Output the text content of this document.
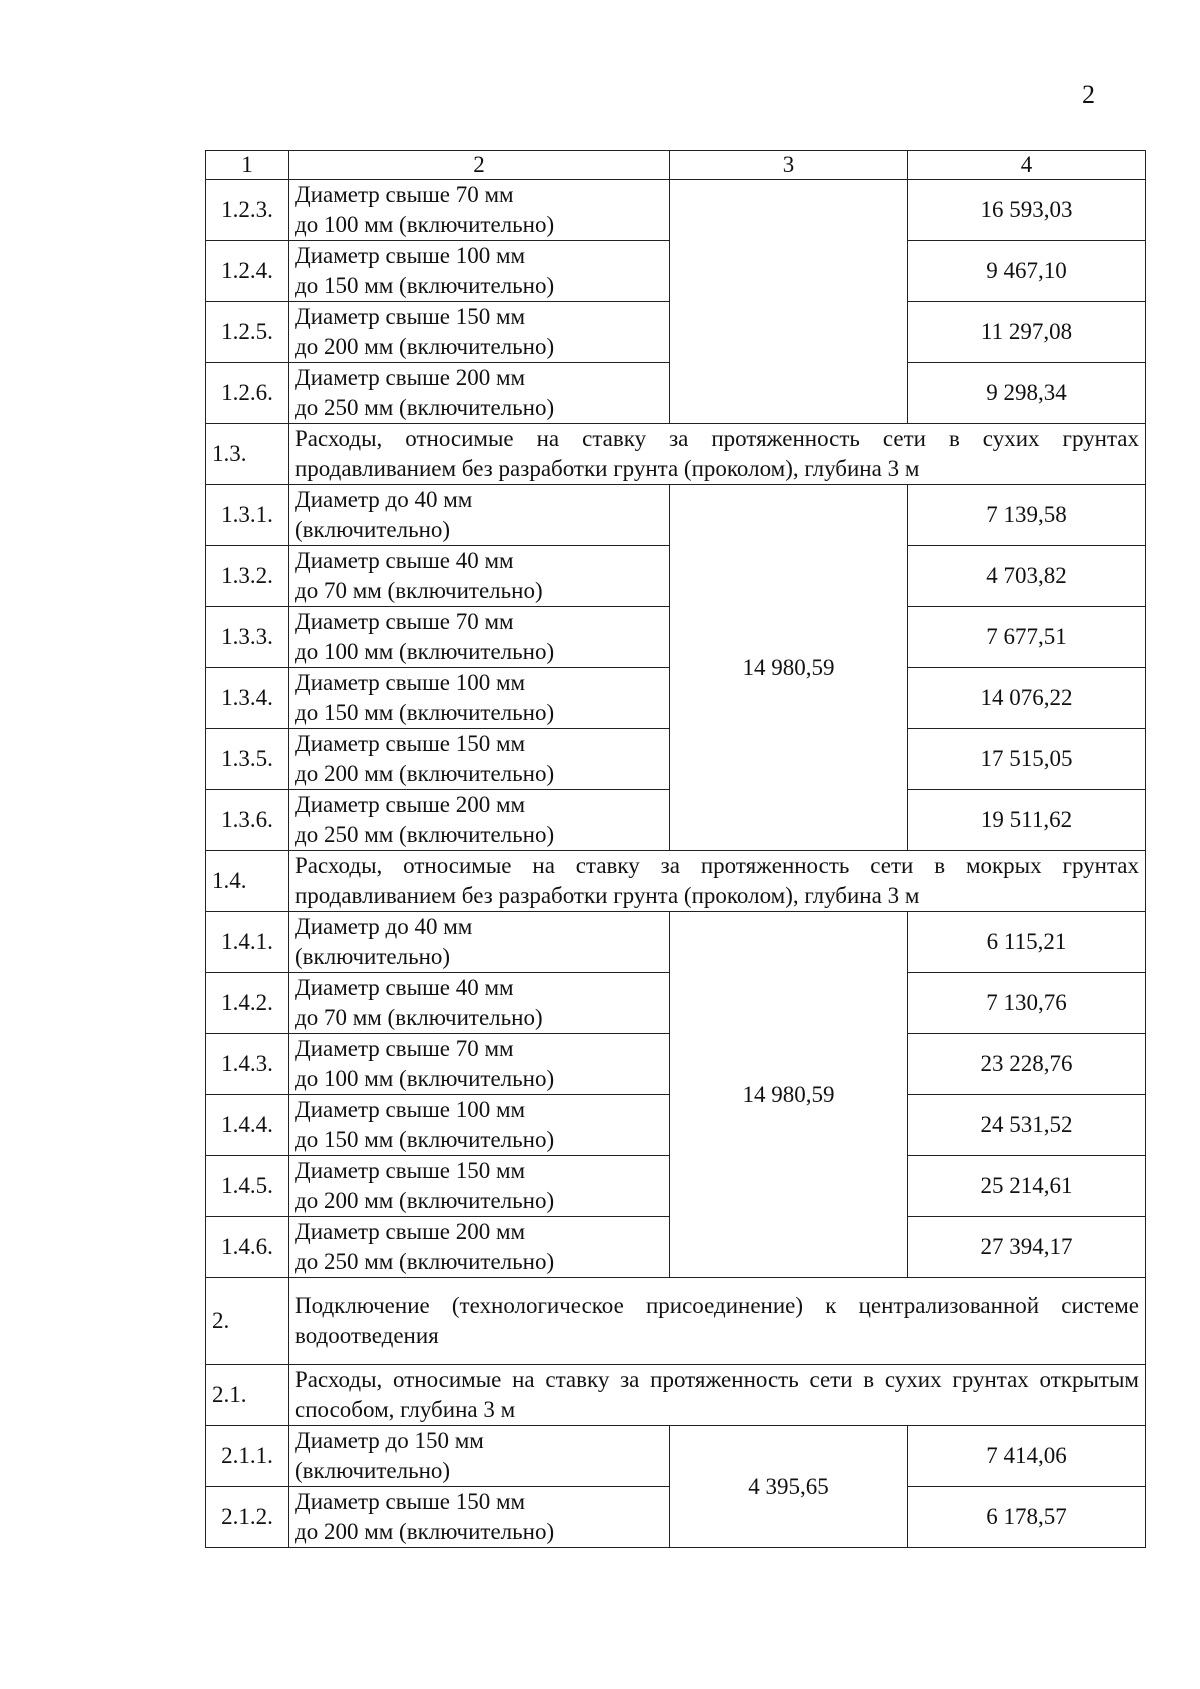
2
1	2	3	4
1.2.3.	Диаметр свыше 70 мм
до 100 мм (включительно)		16 593,03
1.2.4.	Диаметр свыше 100 мм
до 150 мм (включительно)		9 467,10
1.2.5.	Диаметр свыше 150 мм
до 200 мм (включительно)		11 297,08
1.2.6.	Диаметр свыше 200 мм
до 250 мм (включительно)		9 298,34
1.3.	Расходы, относимые на ставку за протяженность сети в сухих грунтах продавливанием без разработки грунта (проколом), глубина 3 м		
1.3.1.	Диаметр до 40 мм
(включительно)	14 980,59	7 139,58
1.3.2.	Диаметр свыше 40 мм
до 70 мм (включительно)		4 703,82
1.3.3.	Диаметр свыше 70 мм
до 100 мм (включительно)		7 677,51
1.3.4.	Диаметр свыше 100 мм
до 150 мм (включительно)		14 076,22
1.3.5.	Диаметр свыше 150 мм
до 200 мм (включительно)		17 515,05
1.3.6.	Диаметр свыше 200 мм
до 250 мм (включительно)		19 511,62
1.4.	Расходы, относимые на ставку за протяженность сети в мокрых грунтах продавливанием без разработки грунта (проколом), глубина 3 м		
1.4.1.	Диаметр до 40 мм
(включительно)	14 980,59	6 115,21
1.4.2.	Диаметр свыше 40 мм
до 70 мм (включительно)		7 130,76
1.4.3.	Диаметр свыше 70 мм
до 100 мм (включительно)		23 228,76
1.4.4.	Диаметр свыше 100 мм
до 150 мм (включительно)		24 531,52
1.4.5.	Диаметр свыше 150 мм
до 200 мм (включительно)		25 214,61
1.4.6.	Диаметр свыше 200 мм
до 250 мм (включительно)		27 394,17
2.	Подключение (технологическое присоединение) к централизованной системе водоотведения		
2.1.	Расходы, относимые на ставку за протяженность сети в сухих грунтах открытым способом, глубина 3 м		
2.1.1.	Диаметр до 150 мм
(включительно)	4 395,65	7 414,06
2.1.2.	Диаметр свыше 150 мм
до 200 мм (включительно)		6 178,57
